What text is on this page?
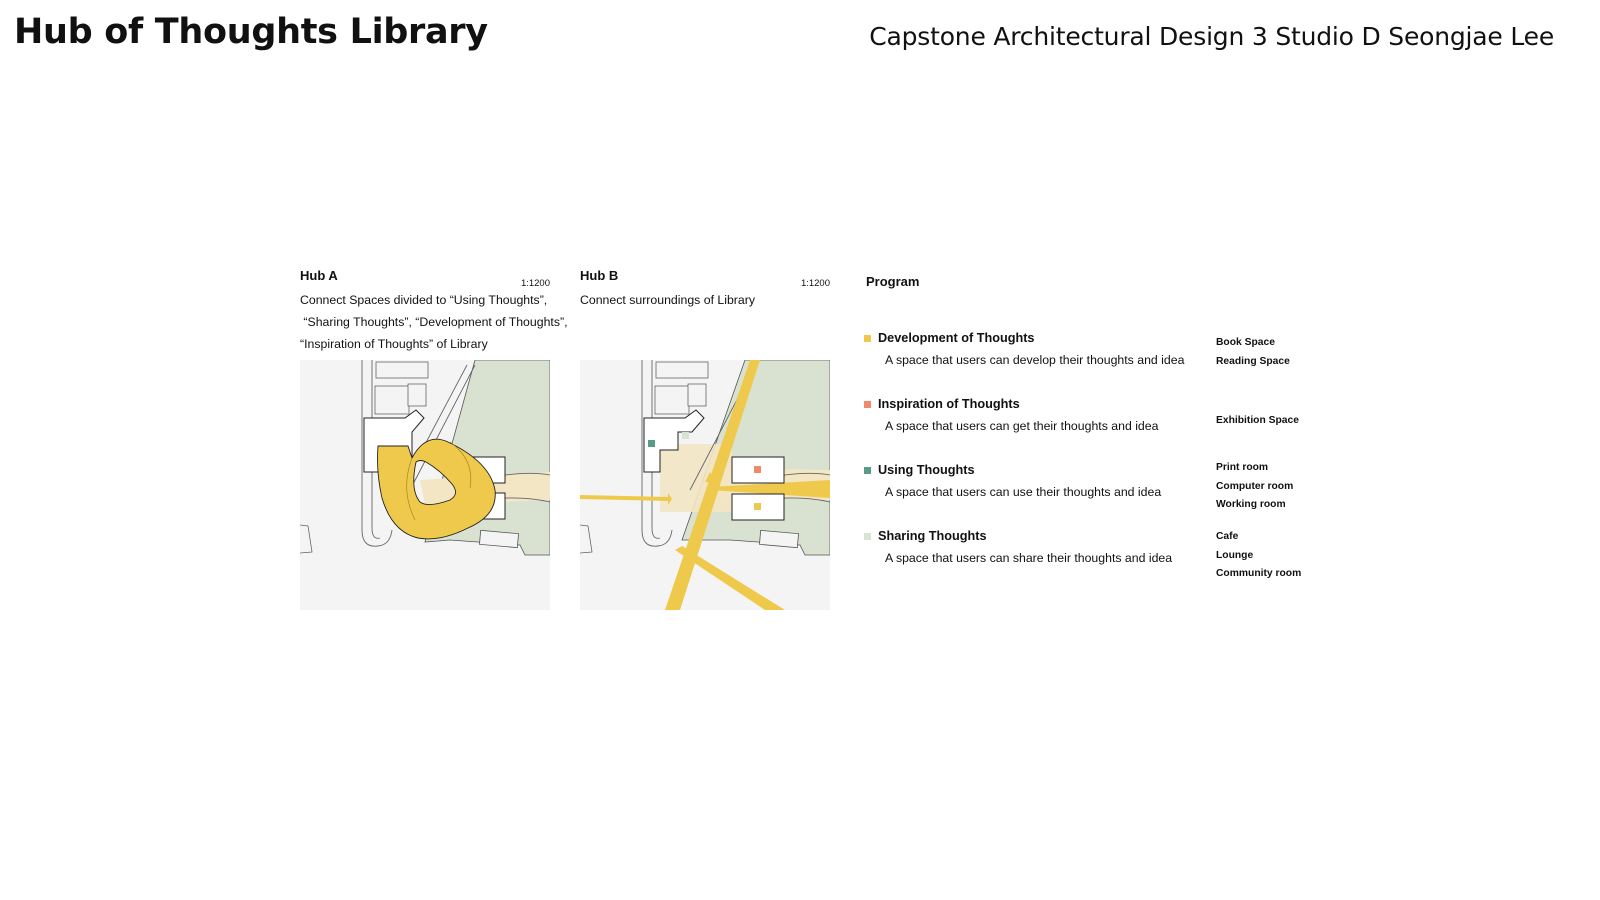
Hub of Thoughts Library	Capstone Architectural Design 3 Studio D Seongjae Lee
Hub A
1:1200
Connect Spaces divided to “Using Thoughts”,
“Sharing Thoughts”, “Development of Thoughts”,
“Inspiration of Thoughts” of Library
Hub B
1:1200
Connect surroundings of Library
Program
Development of Thoughts
A space that users can develop their thoughts and idea
Book Space
Reading Space
Inspiration of Thoughts
A space that users can get their thoughts and idea	Exhibition Space
Using Thoughts
A space that users can use their thoughts and idea
Print room
Computer room
Working room
Sharing Thoughts
A space that users can share their thoughts and idea
Cafe
Lounge
Community room
